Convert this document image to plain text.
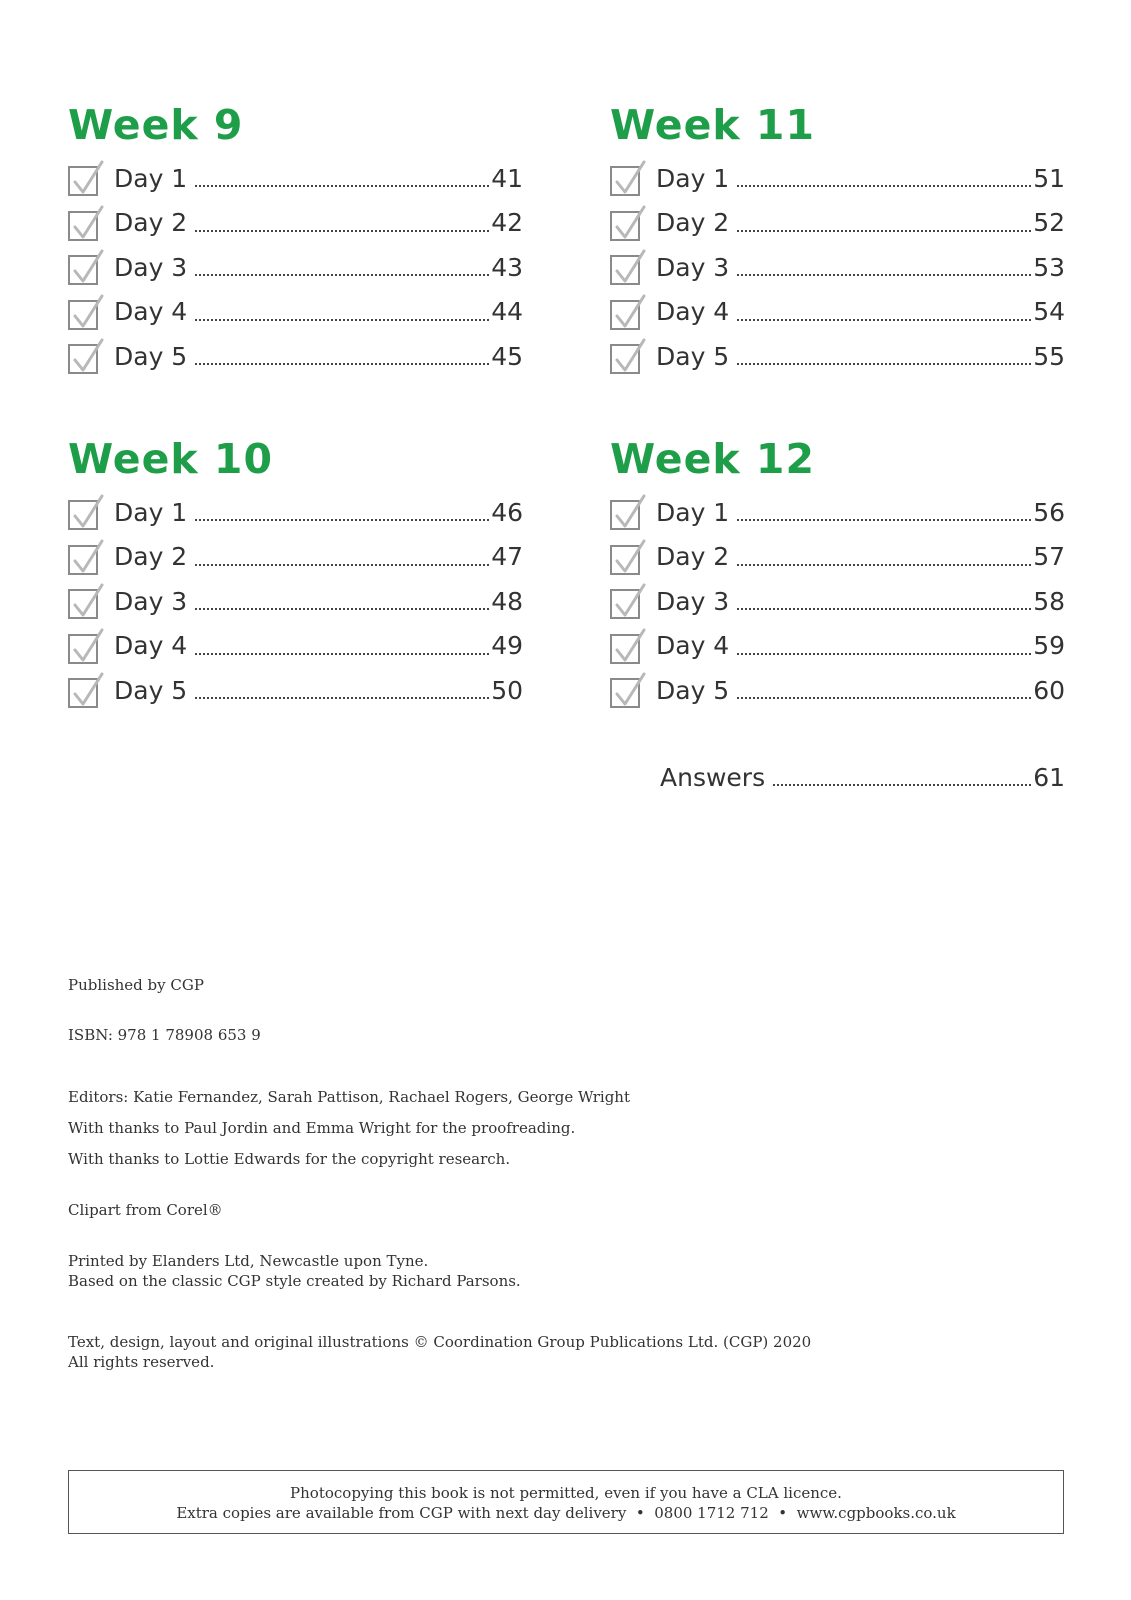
Week 9
Day 1	41
Day 2	42
Day 3	43
Day 4	44
Day 5	45
Week 11
Day 1	51
Day 2	52
Day 3	53
Day 4	54
Day 5	55
Week 10
Day 1	46
Day 2	47
Day 3	48
Day 4	49
Day 5	50
Week 12
Day 1	56
Day 2	57
Day 3	58
Day 4	59
Day 5	60
Answers	61

Published by CGP

ISBN: 978 1 78908 653 9

Editors: Katie Fernandez, Sarah Pattison, Rachael Rogers, George Wright

With thanks to Paul Jordin and Emma Wright for the proofreading.

With thanks to Lottie Edwards for the copyright research.

Clipart from Corel®

Printed by Elanders Ltd, Newcastle upon Tyne.

Based on the classic CGP style created by Richard Parsons.

Text, design, layout and original illustrations © Coordination Group Publications Ltd. (CGP) 2020

All rights reserved.

Photocopying this book is not permitted, even if you have a CLA licence.

Extra copies are available from CGP with next day delivery  •  0800 1712 712  •  www.cgpbooks.co.uk
